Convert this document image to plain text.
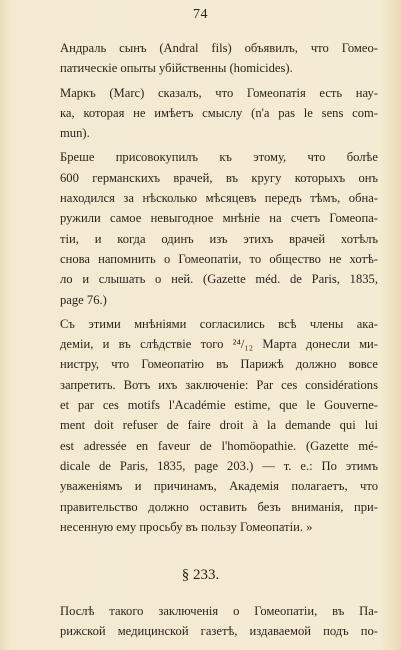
74

Андраль сынъ (Andral fils) объявилъ, что Гомео-
патическiе опыты убiйственны (homicides).

Маркъ (Marc) сказалъ, что Гомеопатiя есть нау-
ка, которая не имѣетъ смыслу (n'a pas le sens com-
mun).

Бреше присовокупилъ къ этому, что болѣе
600 германскихъ врачей, въ кругу которыхъ онъ
находился за нѣсколько мѣсяцевъ передъ тѣмъ, обна-
ружили самое невыгодное мнѣнiе на счетъ Гомеопа-
тiи, и когда одинъ изъ этихъ врачей хотѣлъ
снова напомнить о Гомеопатiи, то общество не хотѣ-
ло и слышать о ней. (Gazette méd. de Paris, 1835,
page 76.)

Съ этими мнѣнiями согласились всѣ члены ака-
демiи, и въ слѣдствiе того ²⁴/₁₂ Марта донесли ми-
нистру, что Гомеопатiю въ Парижѣ должно вовсе
запретить. Вотъ ихъ заключенiе: Par ces considérations
et par ces motifs l'Académie estime, que le Gouverne-
ment doit refuser de faire droit à la demande qui lui
est adressée en faveur de l'homöopathie. (Gazette mé-
dicale de Paris, 1835, page 203.) — т. е.: По этимъ
уваженiямъ и причинамъ, Академiя полагаетъ, что
правительство должно оставить безъ вниманiя, при-
несенную ему просьбу въ пользу Гомеопатiи. »

§ 233.
Послѣ такого заключенiя о Гомеопатiи, въ Па-
рижской медицинской газетѣ, издаваемой подъ по-
